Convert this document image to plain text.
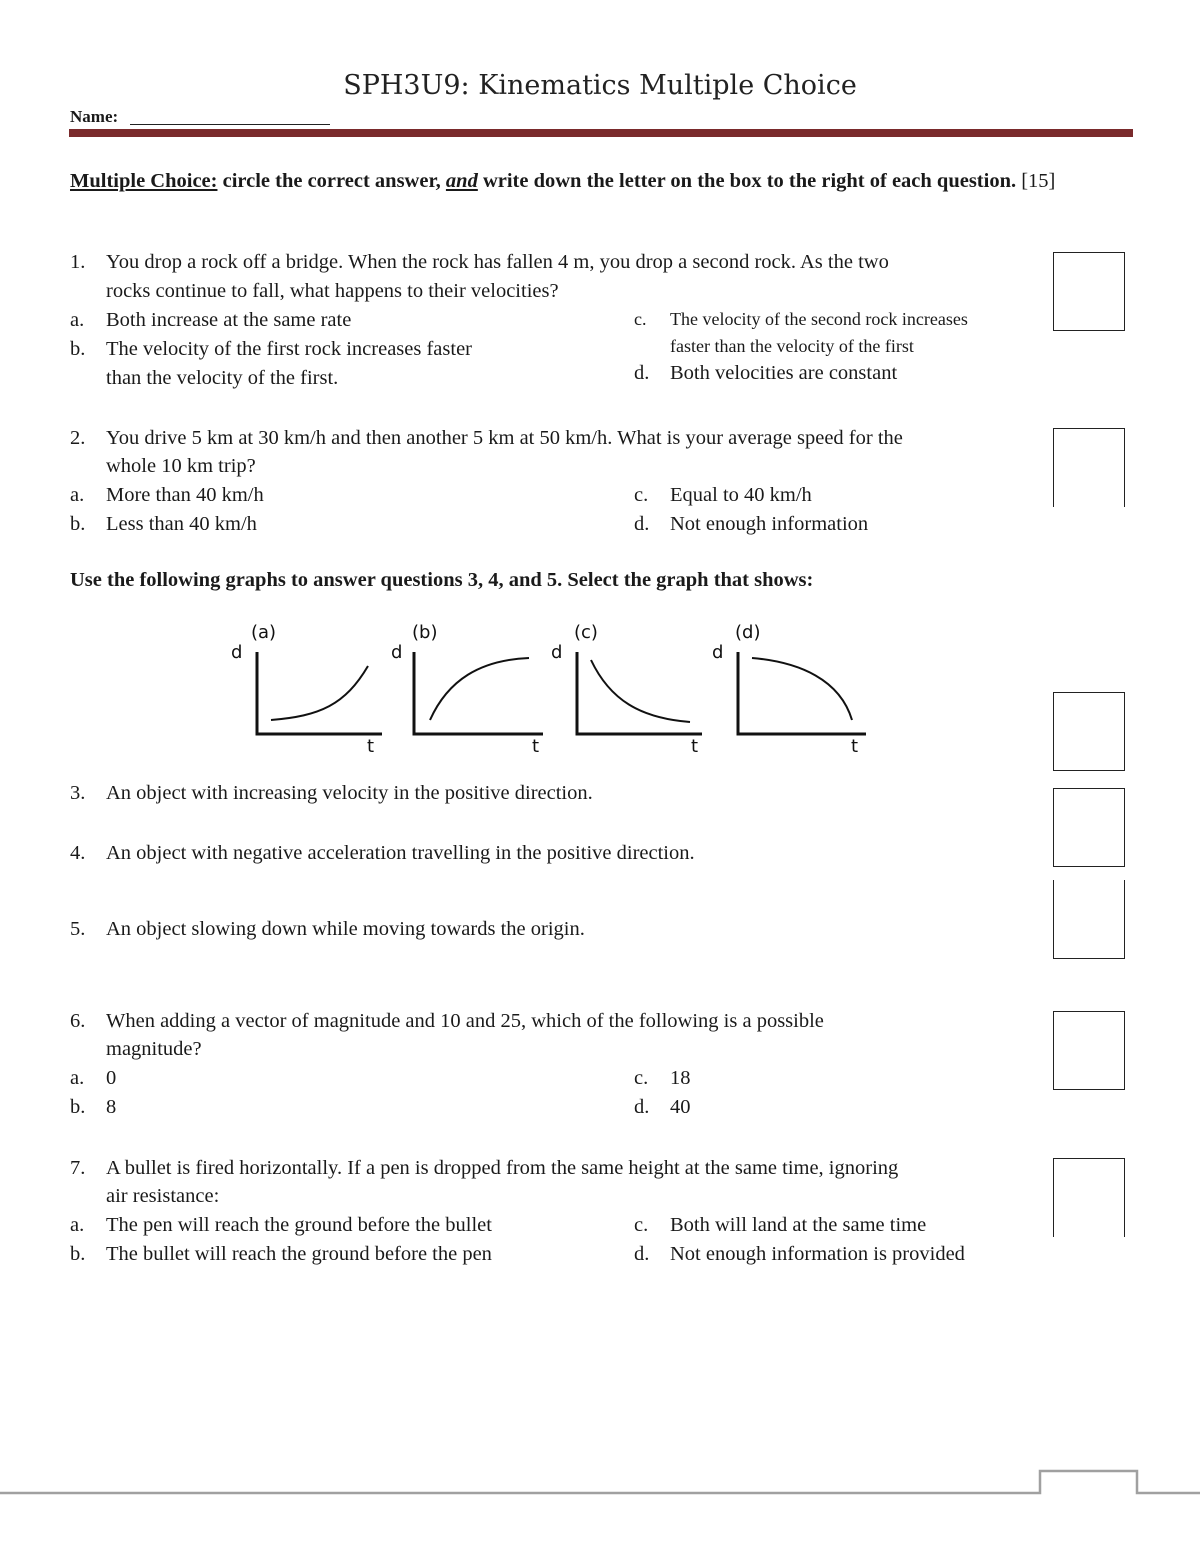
SPH3U9: Kinematics Multiple Choice
Name:
Multiple Choice: circle the correct answer, and write down the letter on the box to the right of each question. [15]
1. You drop a rock off a bridge. When the rock has fallen 4 m, you drop a second rock. As the two
rocks continue to fall, what happens to their velocities?
a. Both increase at the same rate
b. The velocity of the first rock increases faster
than the velocity of the first.
c. The velocity of the second rock increases
faster than the velocity of the first
d. Both velocities are constant
2. You drive 5 km at 30 km/h and then another 5 km at 50 km/h. What is your average speed for the
whole 10 km trip?
a. More than 40 km/h
b. Less than 40 km/h
c. Equal to 40 km/h
d. Not enough information
Use the following graphs to answer questions 3, 4, and 5. Select the graph that shows:
(a)
d
t
(b)
d
t
(c)
d
t
(d)
d
t
3. An object with increasing velocity in the positive direction.
4. An object with negative acceleration travelling in the positive direction.
5. An object slowing down while moving towards the origin.
6. When adding a vector of magnitude and 10 and 25, which of the following is a possible
magnitude?
a. 0
b. 8
c. 18
d. 40
7. A bullet is fired horizontally. If a pen is dropped from the same height at the same time, ignoring
air resistance:
a. The pen will reach the ground before the bullet
b. The bullet will reach the ground before the pen
c. Both will land at the same time
d. Not enough information is provided
